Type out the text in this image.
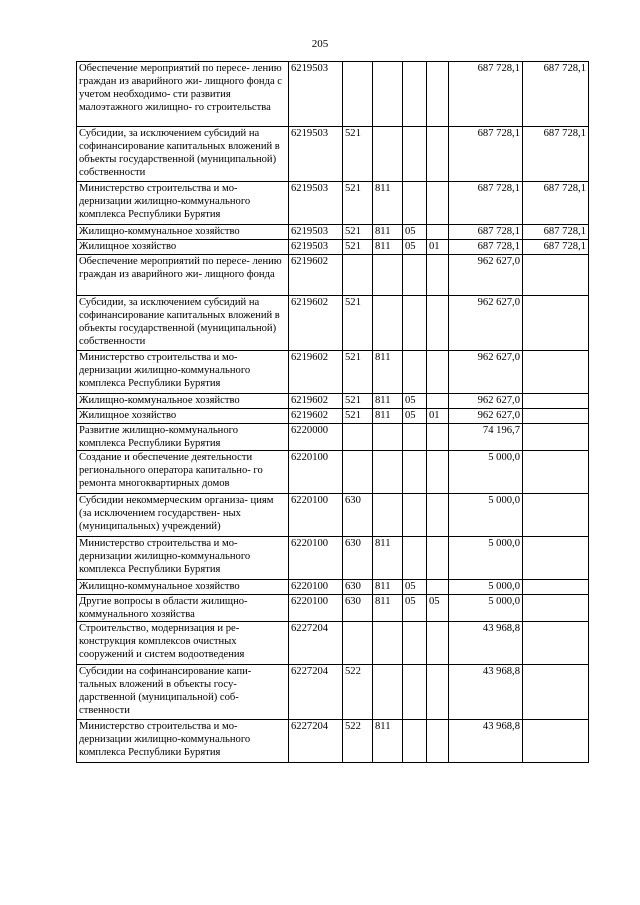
205
Обеспечение мероприятий по пересе- лению граждан из аварийного жи- лищного фонда с учетом необходимо- сти развития малоэтажного жилищно- го строительства	6219503					687 728,1	687 728,1
Субсидии, за исключением субсидий на софинансирование капитальных вложений в объекты государственной (муниципальной) собственности	6219503	521				687 728,1	687 728,1
Министерство строительства и мо- дернизации жилищно-коммунального комплекса Республики Бурятия	6219503	521	811			687 728,1	687 728,1
Жилищно-коммунальное хозяйство	6219503	521	811	05		687 728,1	687 728,1
Жилищное хозяйство	6219503	521	811	05	01	687 728,1	687 728,1
Обеспечение мероприятий по пересе- лению граждан из аварийного жи- лищного фонда	6219602					962 627,0	
Субсидии, за исключением субсидий на софинансирование капитальных вложений в объекты государственной (муниципальной) собственности	6219602	521				962 627,0	
Министерство строительства и мо- дернизации жилищно-коммунального комплекса Республики Бурятия	6219602	521	811			962 627,0	
Жилищно-коммунальное хозяйство	6219602	521	811	05		962 627,0	
Жилищное хозяйство	6219602	521	811	05	01	962 627,0	
Развитие жилищно-коммунального комплекса Республики Бурятия	6220000					74 196,7	
Создание и обеспечение деятельности регионального оператора капитально- го ремонта многоквартирных домов	6220100					5 000,0	
Субсидии некоммерческим организа- циям (за исключением государствен- ных (муниципальных) учреждений)	6220100	630				5 000,0	
Министерство строительства и мо- дернизации жилищно-коммунального комплекса Республики Бурятия	6220100	630	811			5 000,0	
Жилищно-коммунальное хозяйство	6220100	630	811	05		5 000,0	
Другие вопросы в области жилищно- коммунального хозяйства	6220100	630	811	05	05	5 000,0	
Строительство, модернизация и ре- конструкция комплексов очистных сооружений и систем водоотведения	6227204					43 968,8	
Субсидии на софинансирование капи- тальных вложений в объекты госу- дарственной (муниципальной) соб- ственности	6227204	522				43 968,8	
Министерство строительства и мо- дернизации жилищно-коммунального комплекса Республики Бурятия	6227204	522	811			43 968,8	
